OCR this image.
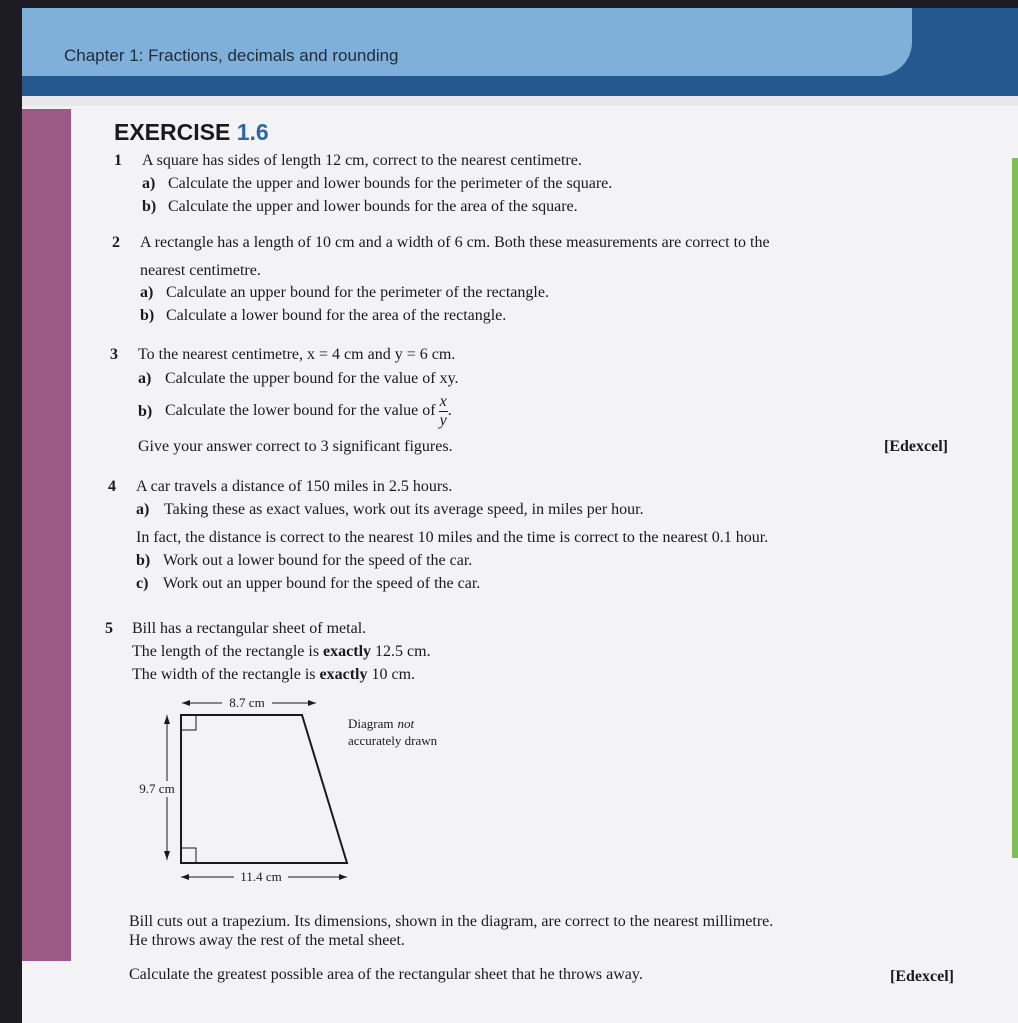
Chapter 1: Fractions, decimals and rounding
EXERCISE 1.6
1 A square has sides of length 12 cm, correct to the nearest centimetre.
a) Calculate the upper and lower bounds for the perimeter of the square.
b) Calculate the upper and lower bounds for the area of the square.
2 A rectangle has a length of 10 cm and a width of 6 cm. Both these measurements are correct to the
nearest centimetre.
a) Calculate an upper bound for the perimeter of the rectangle.
b) Calculate a lower bound for the area of the rectangle.
3 To the nearest centimetre, x = 4 cm and y = 6 cm.
a) Calculate the upper bound for the value of xy.
b) Calculate the lower bound for the value of $\frac{x}{y}$ .
Give your answer correct to 3 significant figures.	[Edexcel]
4 A car travels a distance of 150 miles in 2.5 hours.
a) Taking these as exact values, work out its average speed, in miles per hour.
In fact, the distance is correct to the nearest 10 miles and the time is correct to the nearest 0.1 hour.
b) Work out a lower bound for the speed of the car.
c) Work out an upper bound for the speed of the car.
5 Bill has a rectangular sheet of metal.
The length of the rectangle is exactly 12.5 cm.
The width of the rectangle is exactly 10 cm.
8.7 cm
9.7 cm
11.4 cm
Diagram not
accurately drawn
Bill cuts out a trapezium. Its dimensions, shown in the diagram, are correct to the nearest millimetre.
He throws away the rest of the metal sheet.
Calculate the greatest possible area of the rectangular sheet that he throws away.	[Edexcel]
